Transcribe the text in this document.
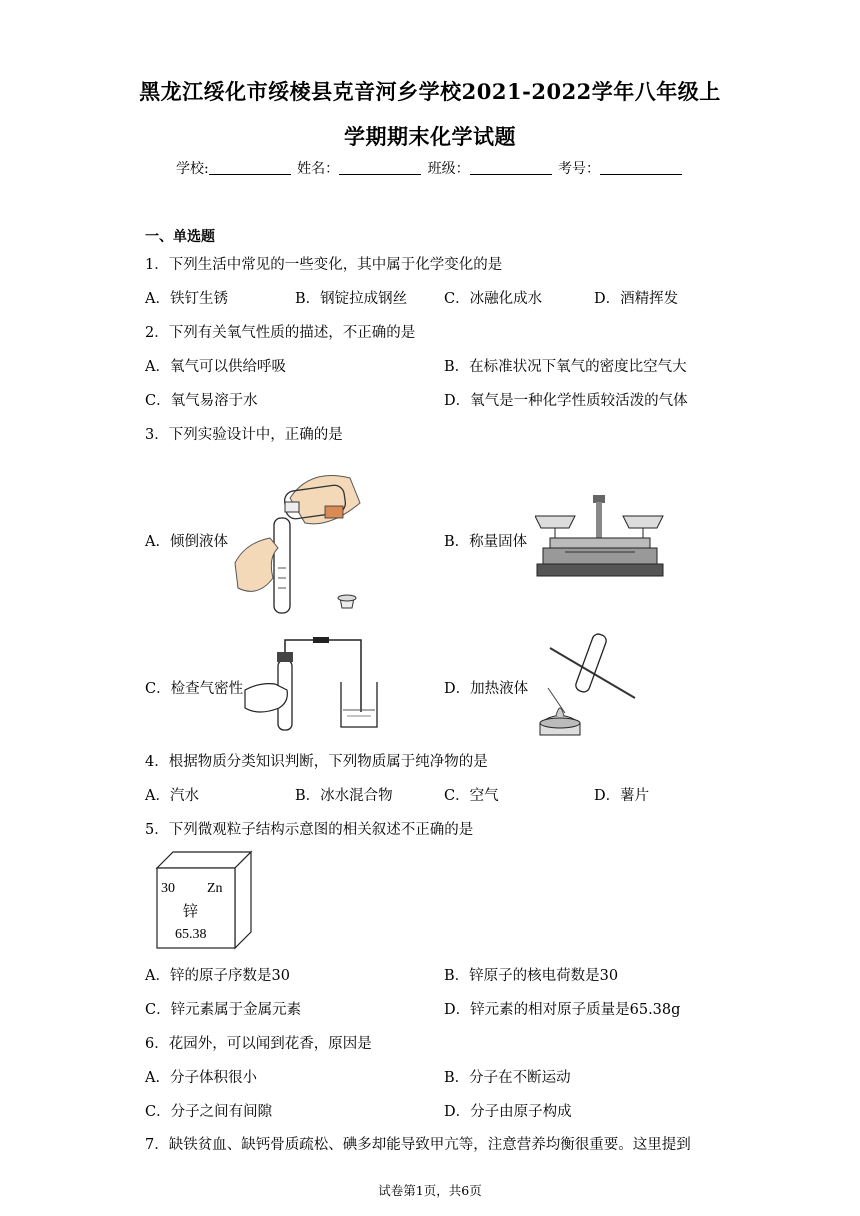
黑龙江绥化市绥棱县克音河乡学校2021-2022学年八年级上
学期期末化学试题
学校:	姓名：	班级：	考号：
一、单选题
1．下列生活中常见的一些变化，其中属于化学变化的是
A．铁钉生锈	B．钢锭拉成钢丝	C．冰融化成水	D．酒精挥发
2．下列有关氧气性质的描述，不正确的是
A．氧气可以供给呼吸	B．在标准状况下氧气的密度比空气大
C．氧气易溶于水	D．氧气是一种化学性质较活泼的气体
3．下列实验设计中，正确的是
A．倾倒液体	B．称量固体
C．检查气密性	D．加热液体
4．根据物质分类知识判断，下列物质属于纯净物的是
A．汽水	B．冰水混合物	C．空气	D．薯片
5．下列微观粒子结构示意图的相关叙述不正确的是
30 Zn
锌
65.38
A．锌的原子序数是30	B．锌原子的核电荷数是30
C．锌元素属于金属元素	D．锌元素的相对原子质量是65.38g
6．花园外，可以闻到花香，原因是
A．分子体积很小	B．分子在不断运动
C．分子之间有间隙	D．分子由原子构成
7．缺铁贫血、缺钙骨质疏松、碘多却能导致甲亢等，注意营养均衡很重要。这里提到
试卷第1页，共6页
